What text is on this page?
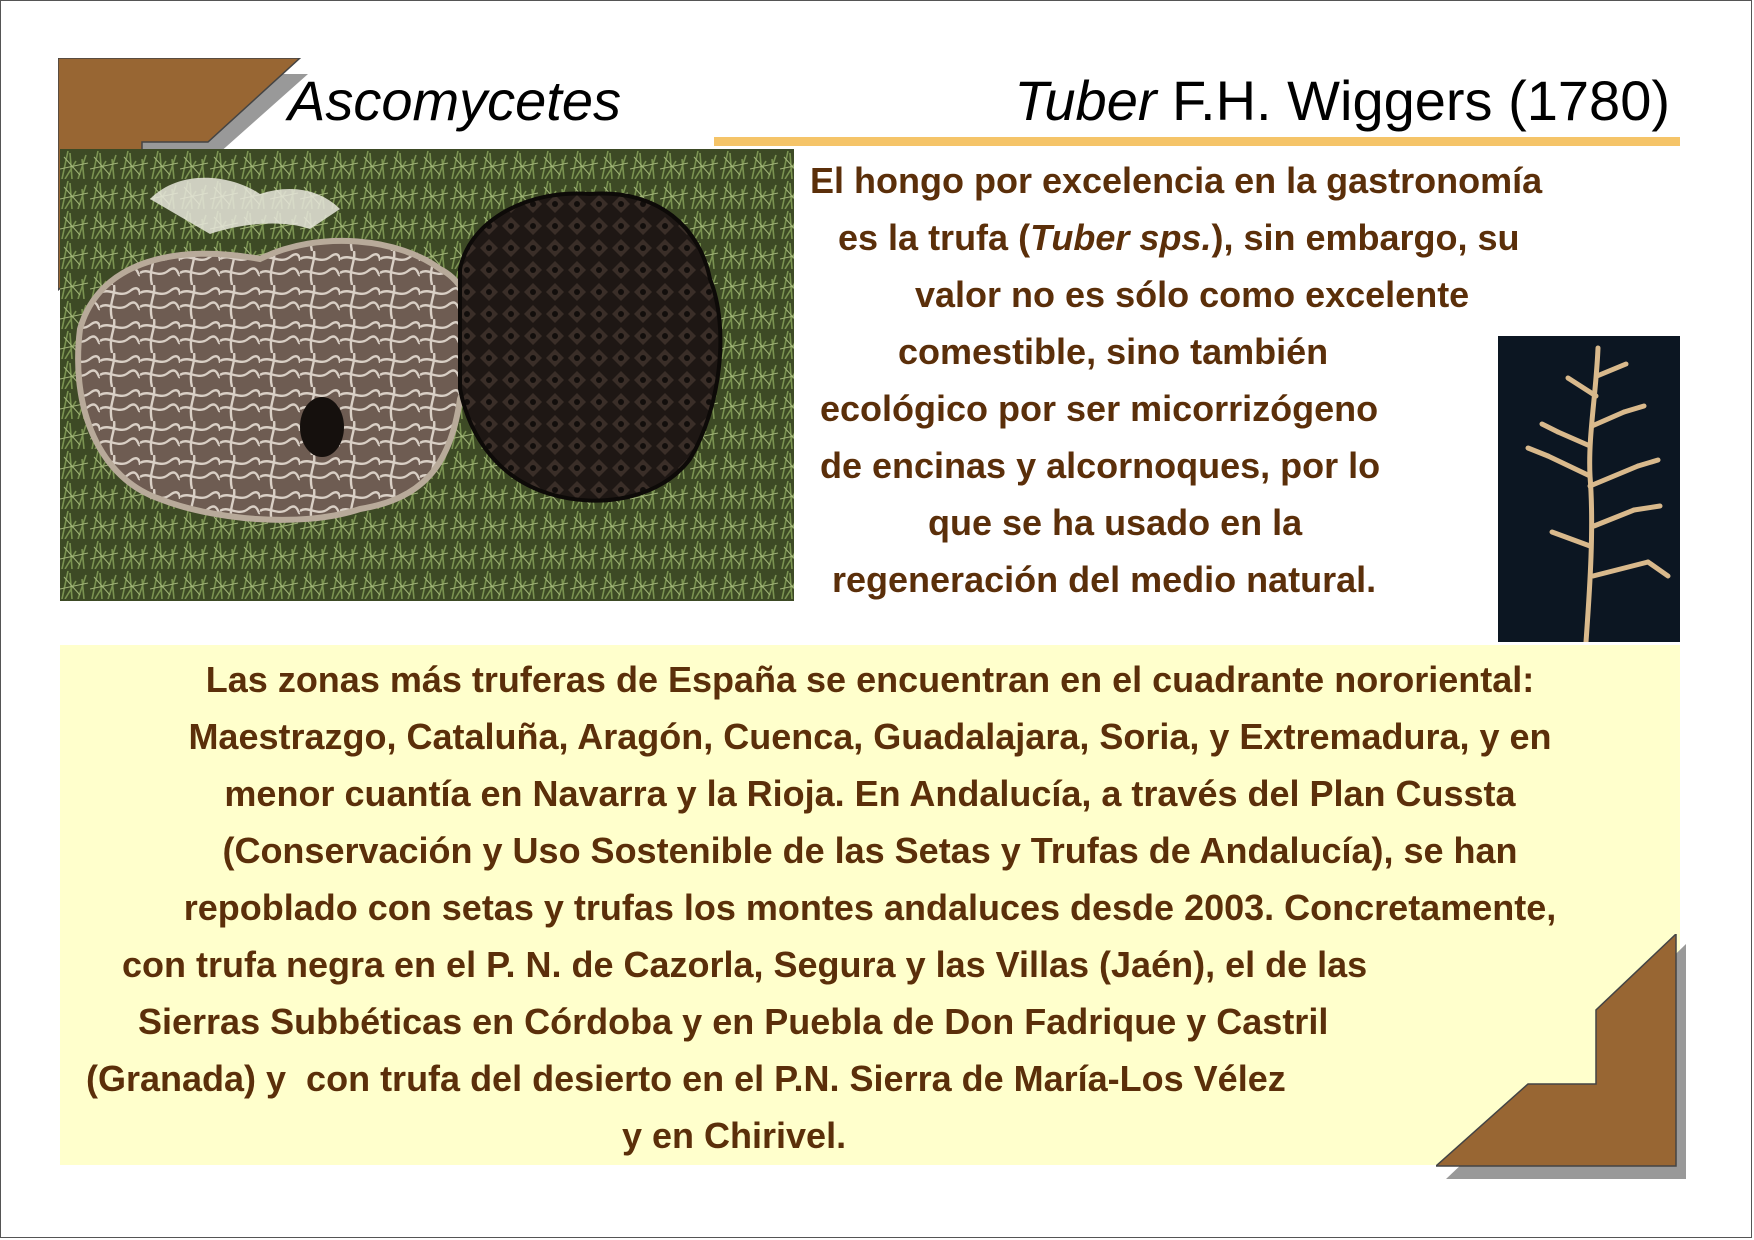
Ascomycetes	Tuber F.H. Wiggers (1780)
El hongo por excelencia en la gastronomía
es la trufa (Tuber sps.), sin embargo, su
valor no es sólo como excelente
comestible, sino también
ecológico por ser micorrizógeno
de encinas y alcornoques, por lo
que se ha usado en la
regeneración del medio natural.
Las zonas más truferas de España se encuentran en el cuadrante nororiental:
Maestrazgo, Cataluña, Aragón, Cuenca, Guadalajara, Soria, y Extremadura, y en
menor cuantía en Navarra y la Rioja. En Andalucía, a través del Plan Cussta
(Conservación y Uso Sostenible de las Setas y Trufas de Andalucía), se han
repoblado con setas y trufas los montes andaluces desde 2003. Concretamente,
con trufa negra en el P. N. de Cazorla, Segura y las Villas (Jaén), el de las
Sierras Subbéticas en Córdoba y en Puebla de Don Fadrique y Castril
(Granada) y  con trufa del desierto en el P.N. Sierra de María-Los Vélez
y en Chirivel.
